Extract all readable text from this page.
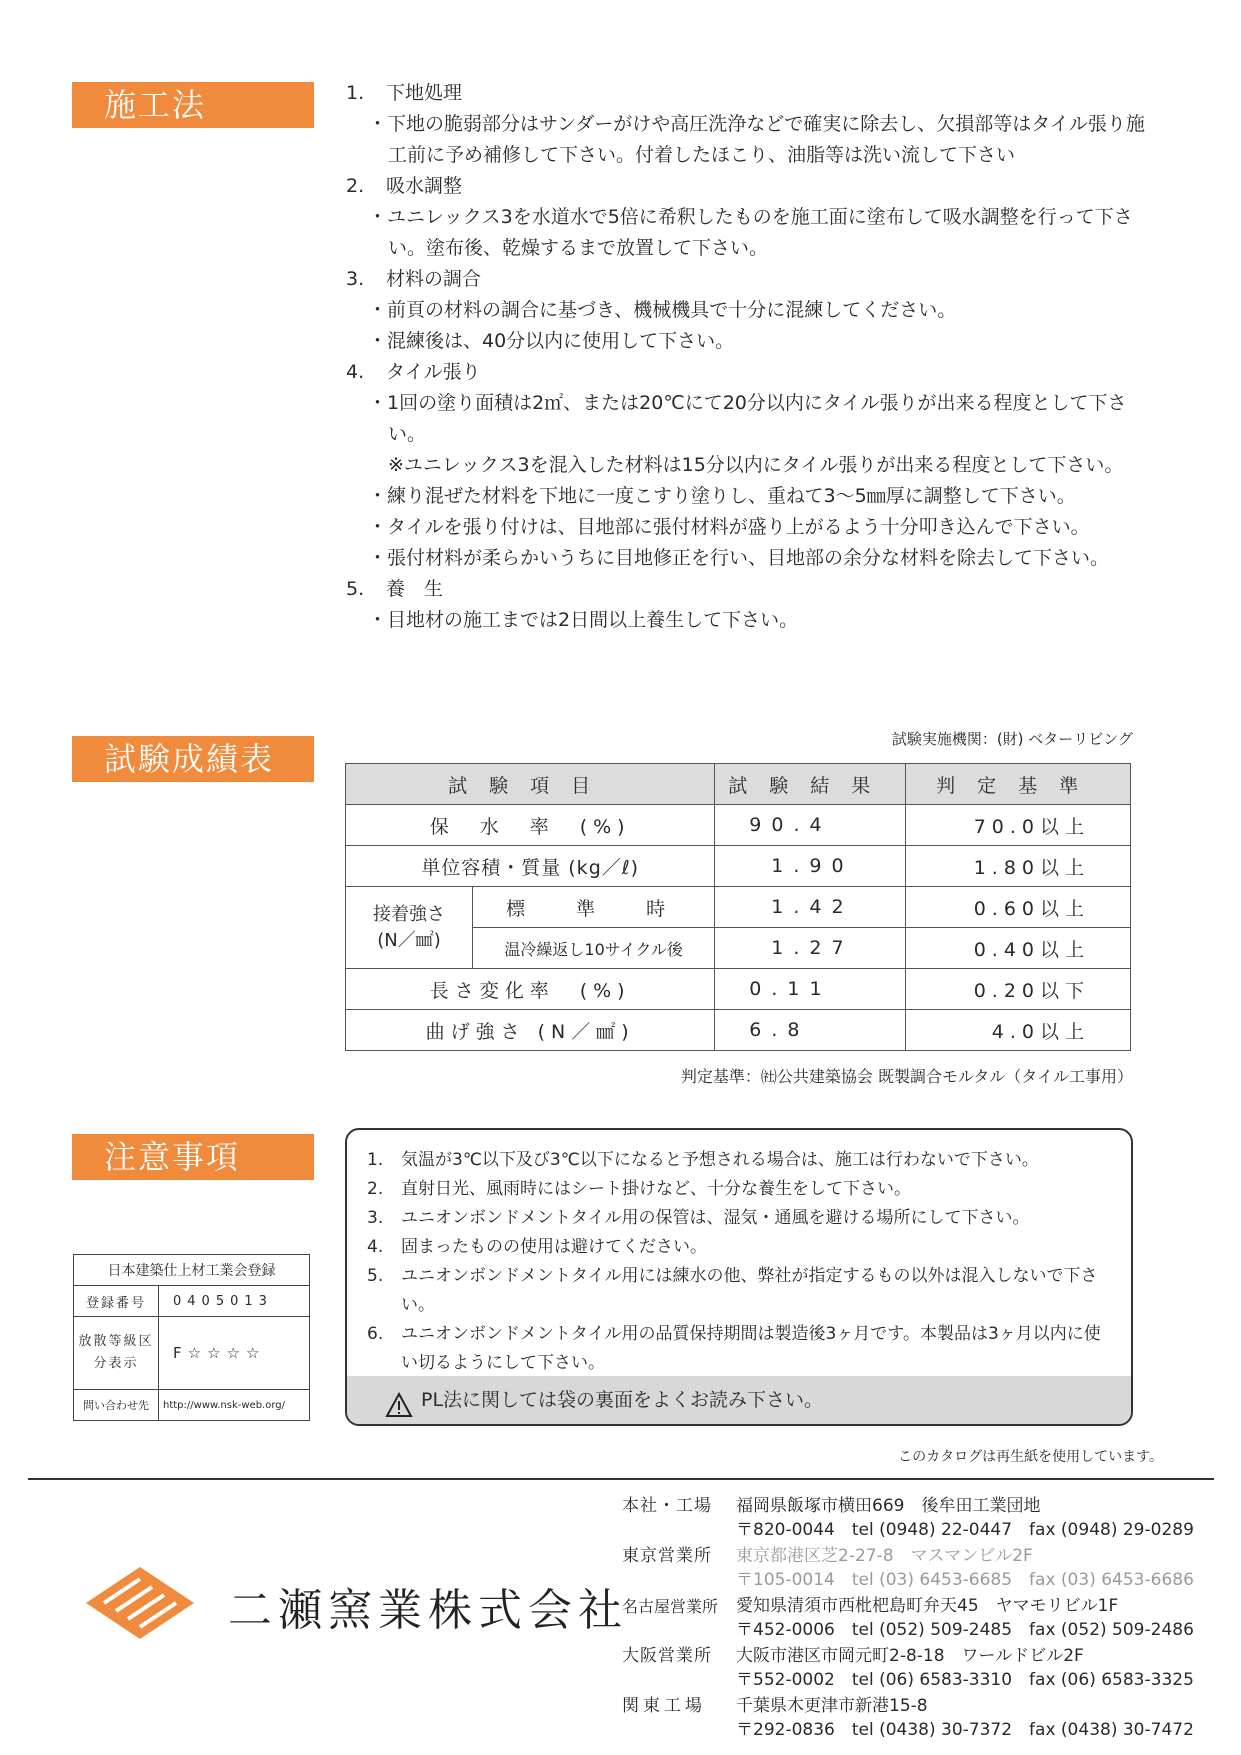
施工法
試験成績表
注意事項
1. 下地処理
・下地の脆弱部分はサンダーがけや高圧洗浄などで確実に除去し、欠損部等はタイル張り施工前に予め補修して下さい。付着したほこり、油脂等は洗い流して下さい
2. 吸水調整
・ユニレックス3を水道水で5倍に希釈したものを施工面に塗布して吸水調整を行って下さい。塗布後、乾燥するまで放置して下さい。
3. 材料の調合
・前頁の材料の調合に基づき、機械機具で十分に混練してください。
・混練後は、40分以内に使用して下さい。
4. タイル張り
・1回の塗り面積は2㎡、または20℃にて20分以内にタイル張りが出来る程度として下さい。
※ユニレックス3を混入した材料は15分以内にタイル張りが出来る程度として下さい。
・練り混ぜた材料を下地に一度こすり塗りし、重ねて3～5㎜厚に調整して下さい。
・タイルを張り付けは、目地部に張付材料が盛り上がるよう十分叩き込んで下さい。
・張付材料が柔らかいうちに目地修正を行い、目地部の余分な材料を除去して下さい。
5. 養　生
・目地材の施工までは2日間以上養生して下さい。
試験実施機関：(財) ベターリビング
試験項目		試験結果	判定基準
保　水　率　(%)		90.4	70.0以上
単位容積・質量 (kg／ℓ)		1.90	1.80以上
接着強さ(N／㎟)	標　準　時	1.42	0.60以上
	温冷繰返し10サイクル後	1.27	0.40以上
長さ変化率　(%)		0.11	0.20以下
曲げ強さ (N／㎟)		6.8	4.0以上
判定基準：㈳公共建築協会 既製調合モルタル（タイル工事用）
1. 気温が3℃以下及び3℃以下になると予想される場合は、施工は行わないで下さい。
2. 直射日光、風雨時にはシート掛けなど、十分な養生をして下さい。
3. ユニオンボンドメントタイル用の保管は、湿気・通風を避ける場所にして下さい。
4. 固まったものの使用は避けてください。
5. ユニオンボンドメントタイル用には練水の他、弊社が指定するもの以外は混入しないで下さい。
6. ユニオンボンドメントタイル用の品質保持期間は製造後3ヶ月です。本製品は3ヶ月以内に使い切るようにして下さい。
PL法に関しては袋の裏面をよくお読み下さい。
日本建築仕上材工業会登録	
登録番号	0405013
放散等級区分表示	F☆☆☆☆
問い合わせ先	http://www.nsk-web.org/
このカタログは再生紙を使用しています。
二瀬窯業株式会社
本社・工場	福岡県飯塚市横田669　後牟田工業団地
〒820-0044　tel (0948) 22-0447　fax (0948) 29-0289
東京営業所	東京都港区芝2-27-8　マスマンビル2F
〒105-0014　tel (03) 6453-6685　fax (03) 6453-6686
名古屋営業所 愛知県清須市西枇杷島町弁天45　ヤマモリビル1F
〒452-0006　tel (052) 509-2485　fax (052) 509-2486
大阪営業所	大阪市港区市岡元町2-8-18　ワールドビル2F
〒552-0002　tel (06) 6583-3310　fax (06) 6583-3325
関東工場	千葉県木更津市新港15-8
〒292-0836　tel (0438) 30-7372　fax (0438) 30-7472
